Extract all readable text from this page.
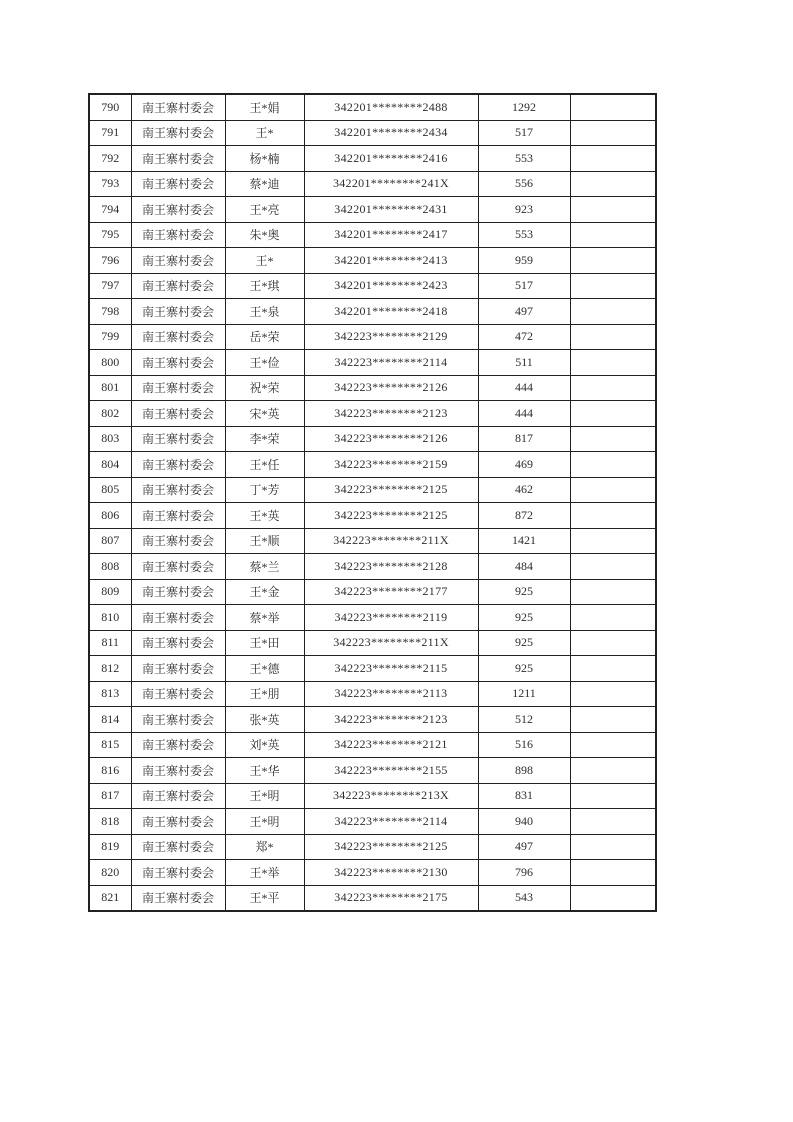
790	南王寨村委会	王*娟	342201********2488	1292	
791	南王寨村委会	王*	342201********2434	517	
792	南王寨村委会	杨*楠	342201********2416	553	
793	南王寨村委会	蔡*迪	342201********241X	556	
794	南王寨村委会	王*亮	342201********2431	923	
795	南王寨村委会	朱*奥	342201********2417	553	
796	南王寨村委会	王*	342201********2413	959	
797	南王寨村委会	王*琪	342201********2423	517	
798	南王寨村委会	王*泉	342201********2418	497	
799	南王寨村委会	岳*荣	342223********2129	472	
800	南王寨村委会	王*俭	342223********2114	511	
801	南王寨村委会	祝*荣	342223********2126	444	
802	南王寨村委会	宋*英	342223********2123	444	
803	南王寨村委会	李*荣	342223********2126	817	
804	南王寨村委会	王*任	342223********2159	469	
805	南王寨村委会	丁*芳	342223********2125	462	
806	南王寨村委会	王*英	342223********2125	872	
807	南王寨村委会	王*顺	342223********211X	1421	
808	南王寨村委会	蔡*兰	342223********2128	484	
809	南王寨村委会	王*金	342223********2177	925	
810	南王寨村委会	蔡*举	342223********2119	925	
811	南王寨村委会	王*田	342223********211X	925	
812	南王寨村委会	王*德	342223********2115	925	
813	南王寨村委会	王*朋	342223********2113	1211	
814	南王寨村委会	张*英	342223********2123	512	
815	南王寨村委会	刘*英	342223********2121	516	
816	南王寨村委会	王*华	342223********2155	898	
817	南王寨村委会	王*明	342223********213X	831	
818	南王寨村委会	王*明	342223********2114	940	
819	南王寨村委会	郑*	342223********2125	497	
820	南王寨村委会	王*举	342223********2130	796	
821	南王寨村委会	王*平	342223********2175	543	
